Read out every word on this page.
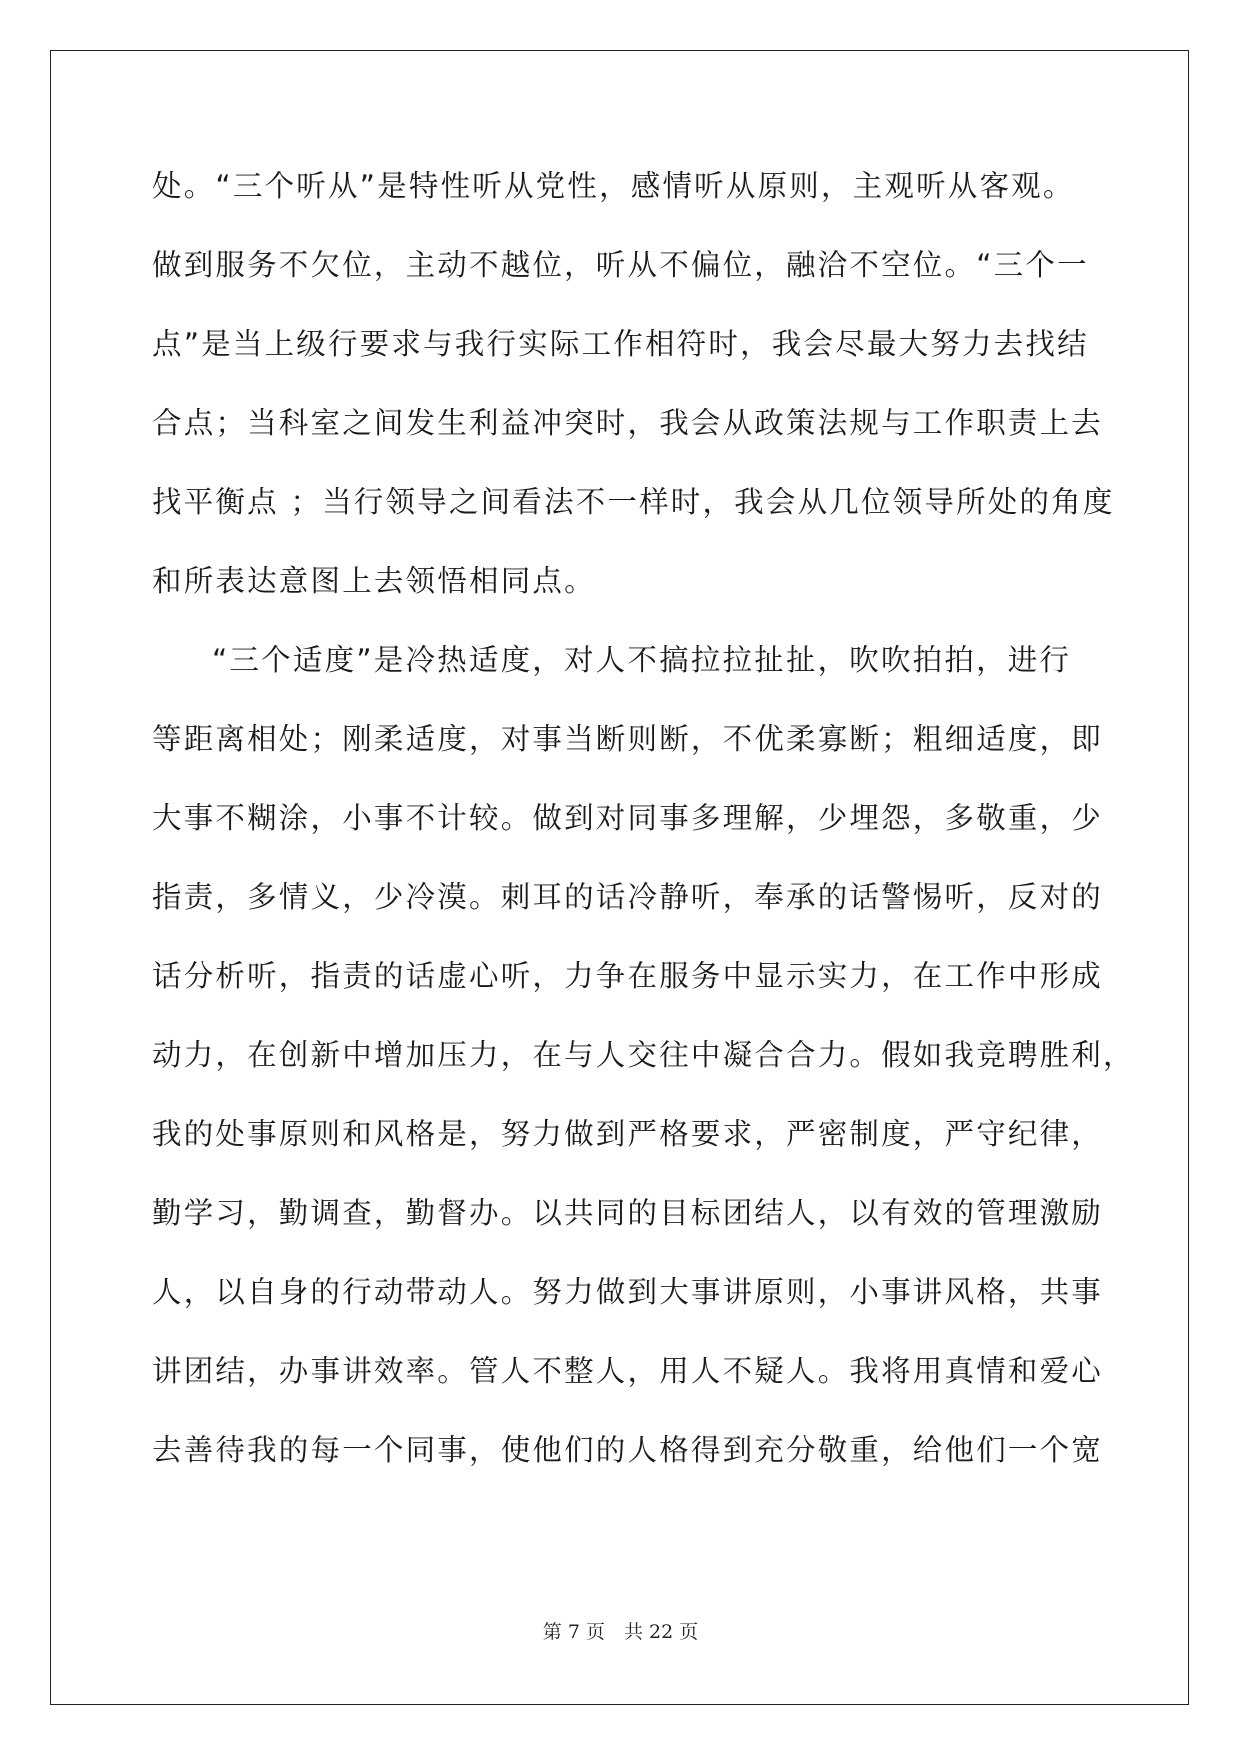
处。“三个听从”是特性听从党性，感情听从原则，主观听从客观。
做到服务不欠位，主动不越位，听从不偏位，融洽不空位。“三个一
点”是当上级行要求与我行实际工作相符时，我会尽最大努力去找结
合点；当科室之间发生利益冲突时，我会从政策法规与工作职责上去
找平衡点 ；当行领导之间看法不一样时，我会从几位领导所处的角度
和所表达意图上去领悟相同点。
“三个适度”是冷热适度，对人不搞拉拉扯扯，吹吹拍拍，进行
等距离相处；刚柔适度，对事当断则断，不优柔寡断；粗细适度，即
大事不糊涂，小事不计较。做到对同事多理解，少埋怨，多敬重，少
指责，多情义，少冷漠。刺耳的话冷静听，奉承的话警惕听，反对的
话分析听，指责的话虚心听，力争在服务中显示实力，在工作中形成
动力，在创新中增加压力，在与人交往中凝合合力。假如我竞聘胜利，
我的处事原则和风格是，努力做到严格要求，严密制度，严守纪律，
勤学习，勤调查，勤督办。以共同的目标团结人，以有效的管理激励
人，以自身的行动带动人。努力做到大事讲原则，小事讲风格，共事
讲团结，办事讲效率。管人不整人，用人不疑人。我将用真情和爱心
去善待我的每一个同事，使他们的人格得到充分敬重，给他们一个宽
第 7 页　共 22 页
